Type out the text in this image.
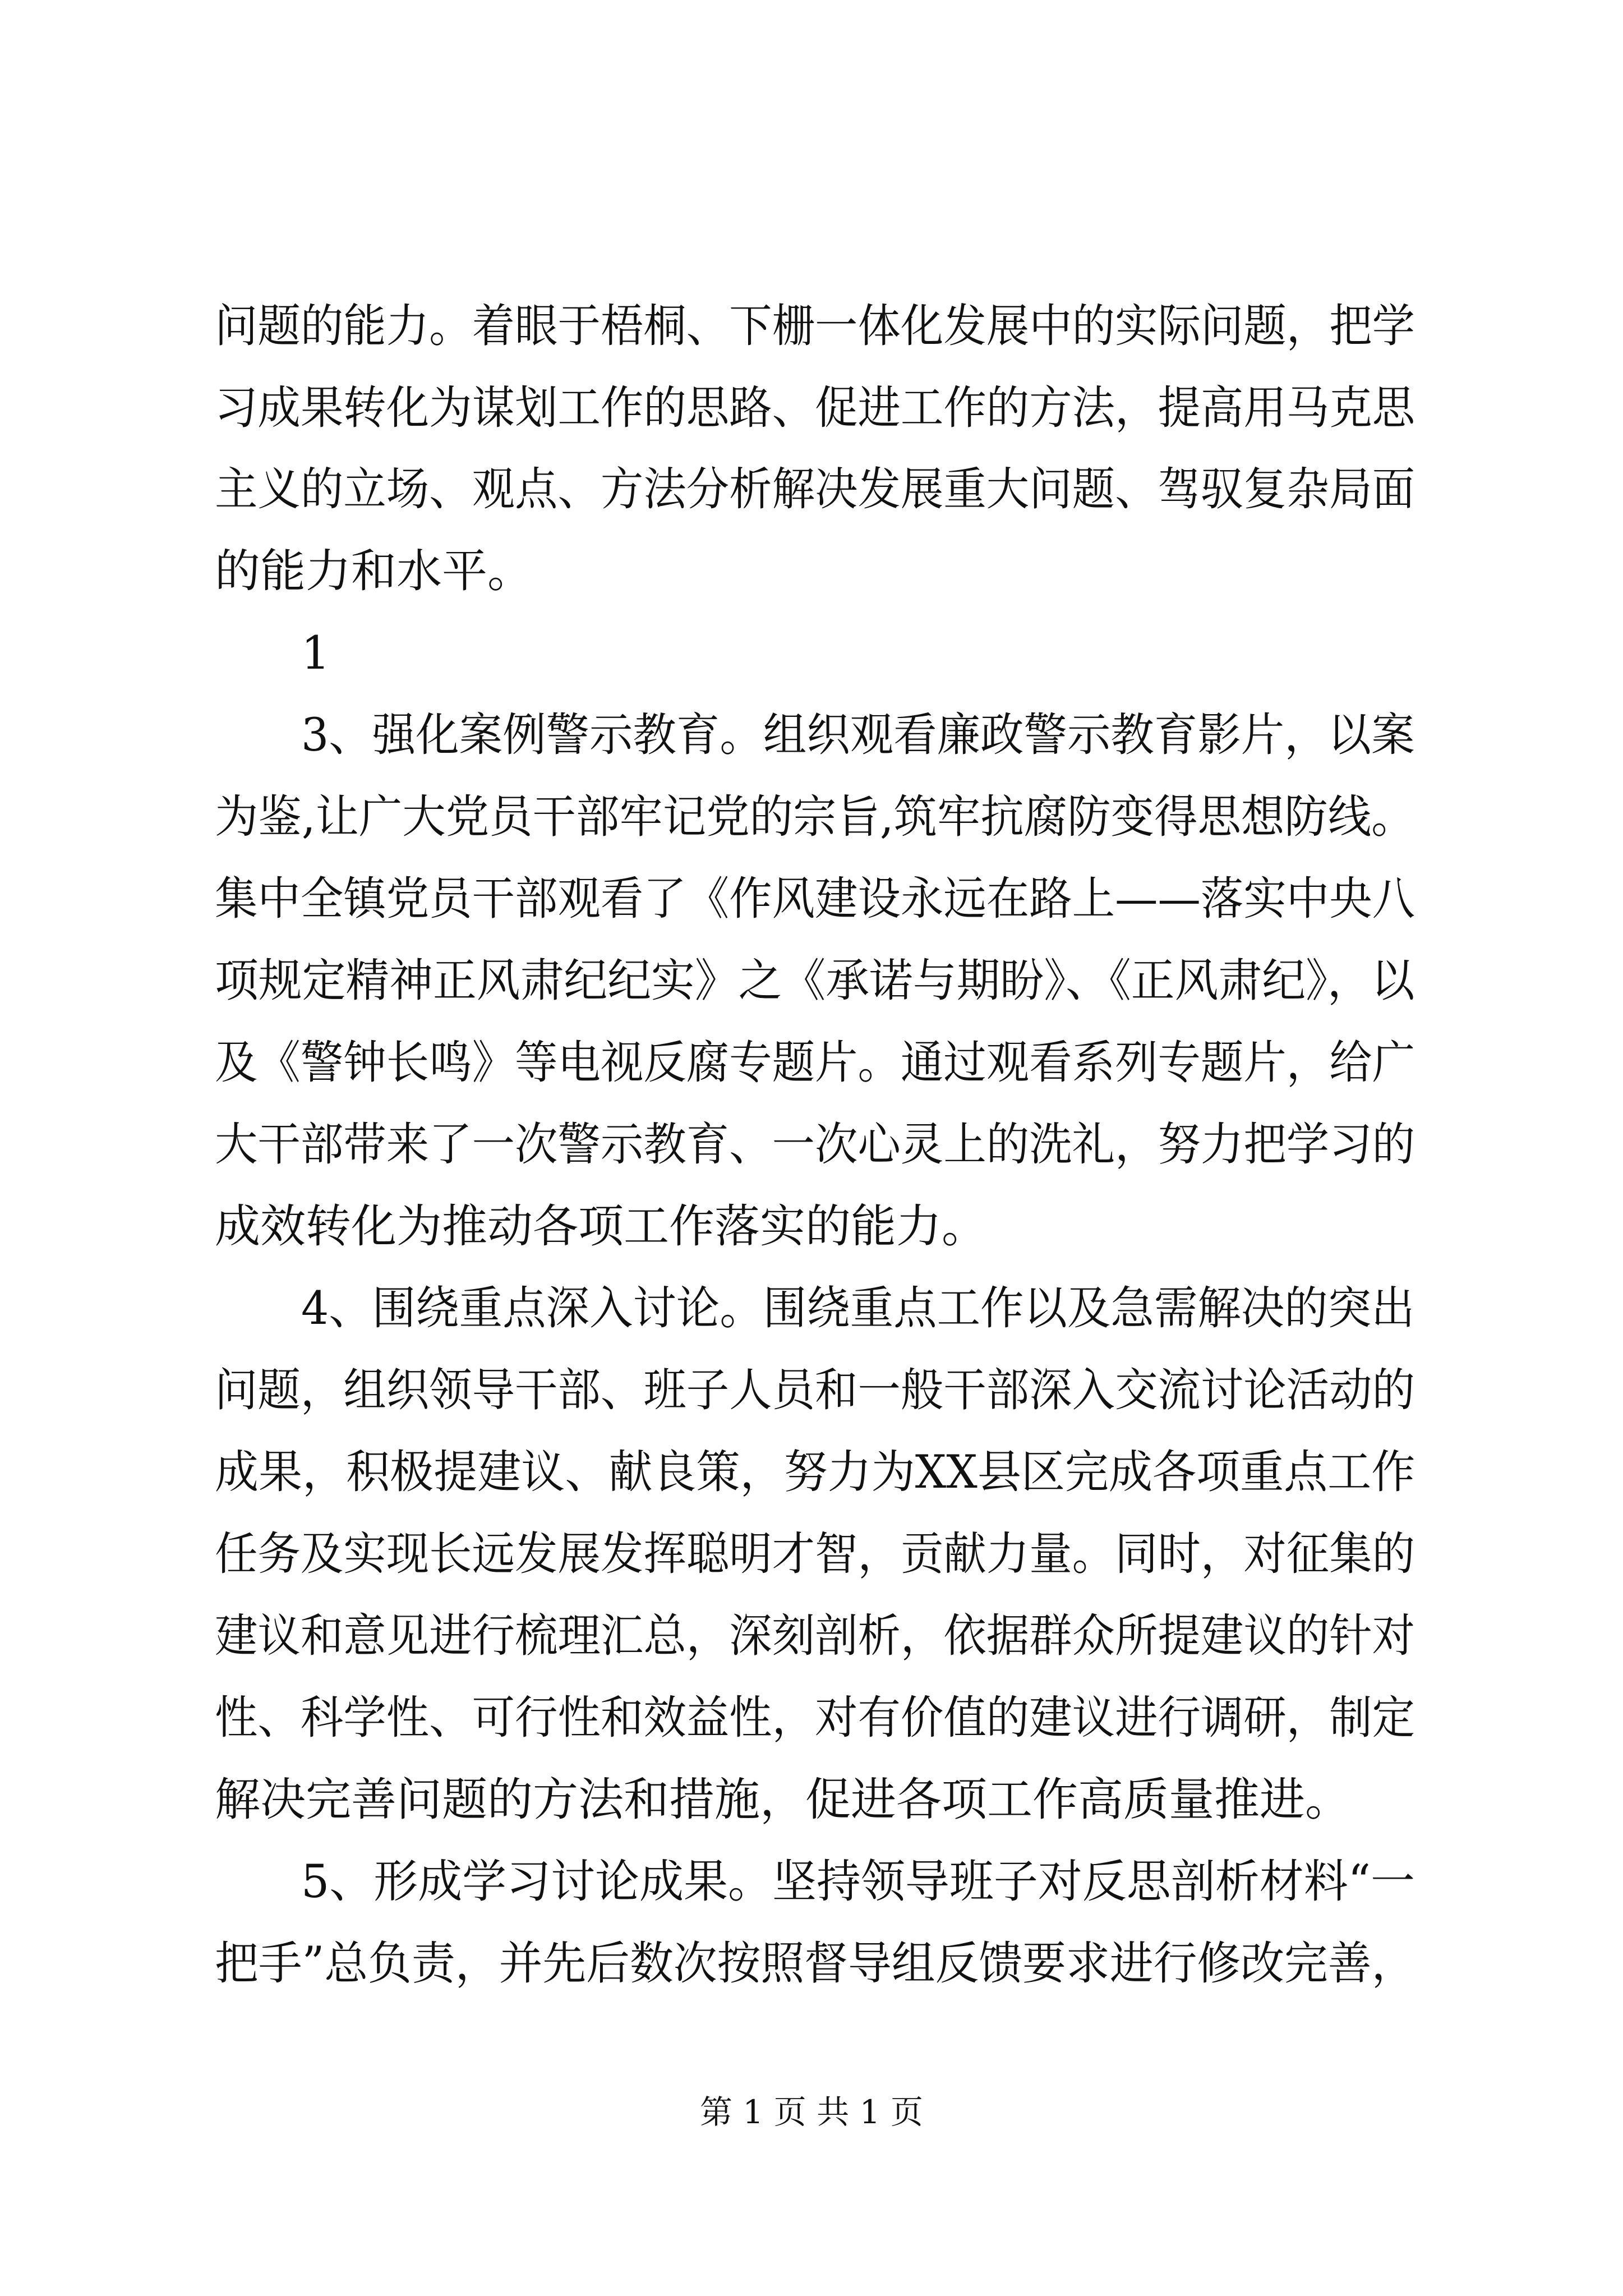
问题的能力。着眼于梧桐、下栅一体化发展中的实际问题，把学
习成果转化为谋划工作的思路、促进工作的方法，提高用马克思
主义的立场、观点、方法分析解决发展重大问题、驾驭复杂局面
的能力和水平。
1
3、强化案例警示教育。组织观看廉政警示教育影片，以案
为鉴,让广大党员干部牢记党的宗旨,筑牢抗腐防变得思想防线。
集中全镇党员干部观看了《作风建设永远在路上——落实中央八
项规定精神正风肃纪纪实》之《承诺与期盼》、《正风肃纪》，以
及《警钟长鸣》等电视反腐专题片。通过观看系列专题片，给广
大干部带来了一次警示教育、一次心灵上的洗礼，努力把学习的
成效转化为推动各项工作落实的能力。
4、围绕重点深入讨论。围绕重点工作以及急需解决的突出
问题，组织领导干部、班子人员和一般干部深入交流讨论活动的
成果，积极提建议、献良策，努力为XX县区完成各项重点工作
任务及实现长远发展发挥聪明才智，贡献力量。同时，对征集的
建议和意见进行梳理汇总，深刻剖析，依据群众所提建议的针对
性、科学性、可行性和效益性，对有价值的建议进行调研，制定
解决完善问题的方法和措施，促进各项工作高质量推进。
5、形成学习讨论成果。坚持领导班子对反思剖析材料“一
把手”总负责，并先后数次按照督导组反馈要求进行修改完善，
第 1 页 共 1 页
